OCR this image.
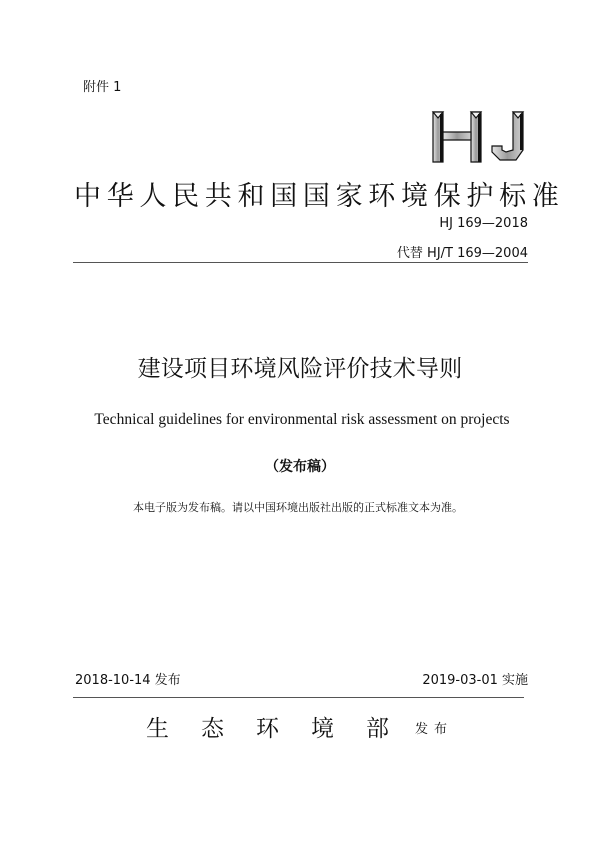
附件 1
中华人民共和国国家环境保护标准
HJ 169—2018
代替 HJ/T 169—2004
建设项目环境风险评价技术导则
Technical guidelines for environmental risk assessment on projects
（发布稿）
本电子版为发布稿。请以中国环境出版社出版的正式标准文本为准。
2018-10-14 发布	2019-03-01 实施
生 态 环 境 部	发布
